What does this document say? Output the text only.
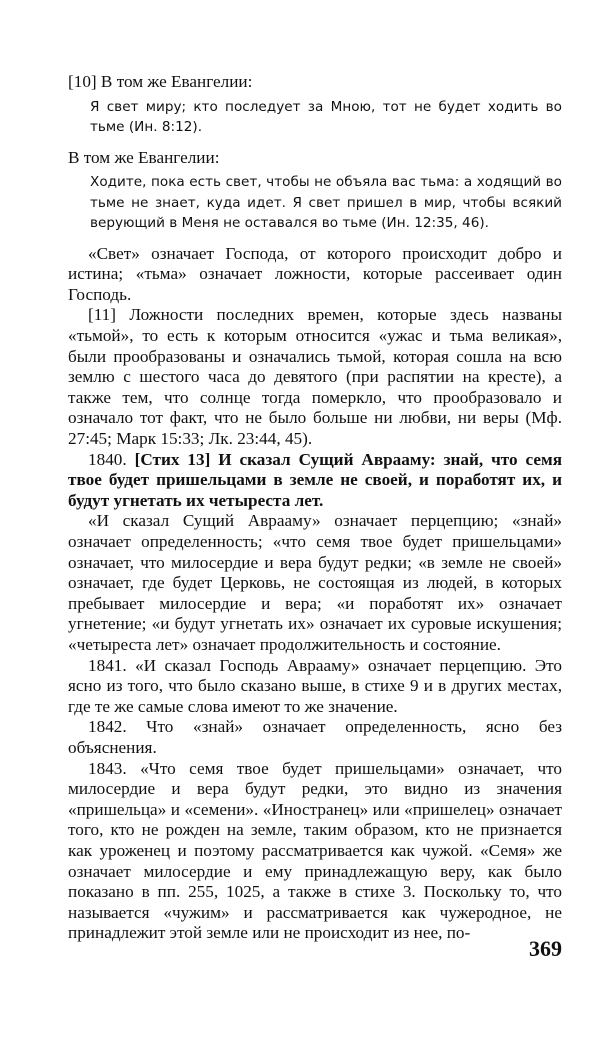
[10] В том же Евангелии:

Я свет миру; кто последует за Мною, тот не будет ходить во тьме (Ин. 8:12).

В том же Евангелии:

Ходите, пока есть свет, чтобы не объяла вас тьма: а ходящий во тьме не знает, куда идет. Я свет пришел в мир, чтобы всякий верующий в Меня не оставался во тьме (Ин. 12:35, 46).

«Свет» означает Господа, от которого происходит добро и истина; «тьма» означает ложности, которые рассеивает один Господь.

[11] Ложности последних времен, которые здесь названы «тьмой», то есть к которым относится «ужас и тьма великая», были прообразованы и означались тьмой, которая сошла на всю землю с шестого часа до девятого (при распятии на кресте), а также тем, что солнце тогда померкло, что прообразовало и означало тот факт, что не было больше ни любви, ни веры (Мф. 27:45; Марк 15:33; Лк. 23:44, 45).

1840. [Стих 13] И сказал Сущий Аврааму: знай, что семя твое будет пришельцами в земле не своей, и поработят их, и будут угнетать их четыреста лет.

«И сказал Сущий Аврааму» означает перцепцию; «знай» означает определенность; «что семя твое будет пришельцами» означает, что милосердие и вера будут редки; «в земле не своей» означает, где будет Церковь, не состоящая из людей, в которых пребывает милосердие и вера; «и поработят их» означает угнетение; «и будут угнетать их» означает их суровые искушения; «четыреста лет» означает продолжительность и состояние.

1841. «И сказал Господь Аврааму» означает перцепцию. Это ясно из того, что было сказано выше, в стихе 9 и в других местах, где те же самые слова имеют то же значение.

1842. Что «знай» означает определенность, ясно без объяснения.

1843. «Что семя твое будет пришельцами» означает, что милосердие и вера будут редки, это видно из значения «пришельца» и «семени». «Иностранец» или «пришелец» означает того, кто не рожден на земле, таким образом, кто не признается как уроженец и поэтому рассматривается как чужой. «Семя» же означает милосердие и ему принадлежащую веру, как было показано в пп. 255, 1025, а также в стихе 3. Поскольку то, что называется «чужим» и рассматривается как чужеродное, не принадлежит этой земле или не происходит из нее, по-

369
